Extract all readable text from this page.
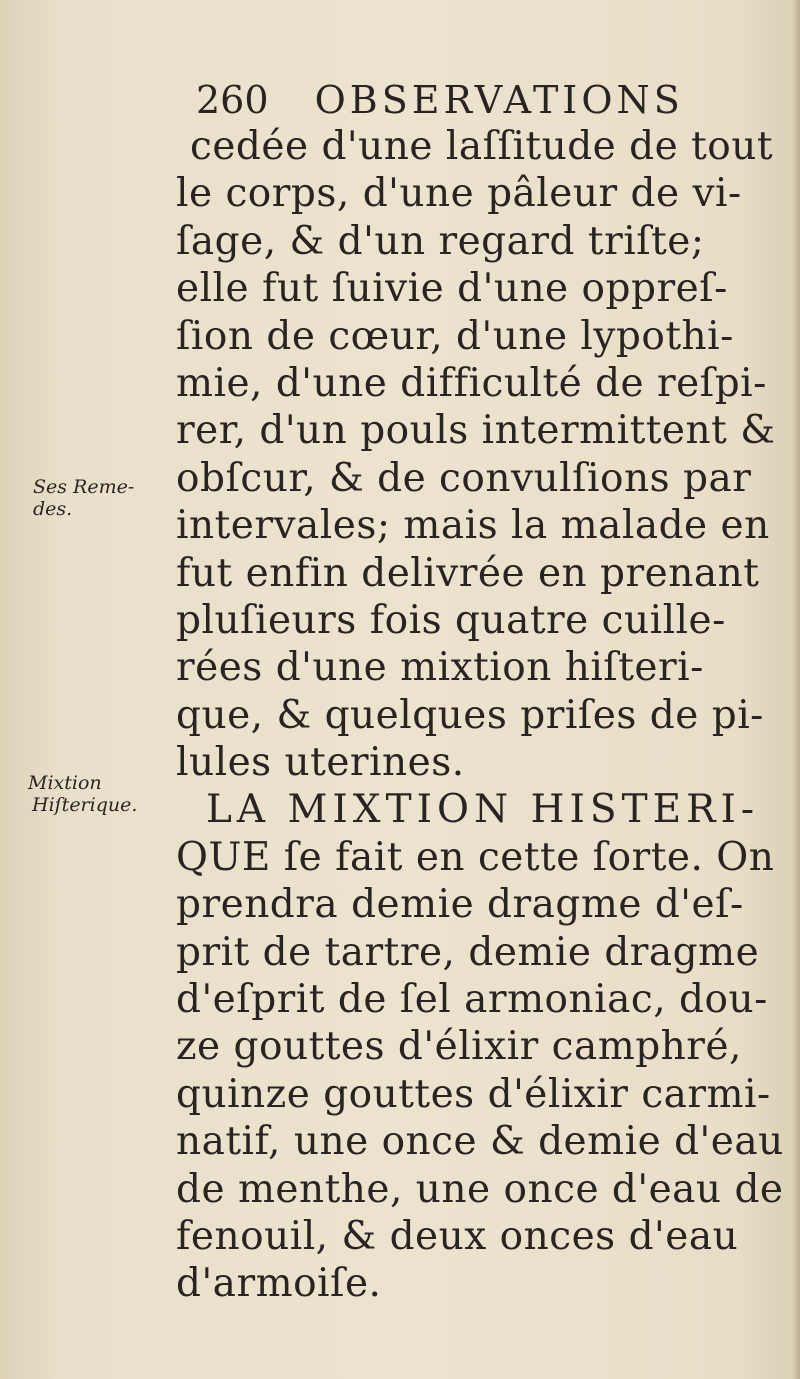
260 OBSERVATIONS
cedée d'une laſſitude de tout
le corps, d'une pâleur de vi-
ſage, & d'un regard triſte;
elle fut ſuivie d'une oppreſ-
ſion de cœur, d'une lypothi-
mie, d'une difficulté de reſpi-
rer, d'un pouls intermittent &
obſcur, & de convulſions par
intervales; mais la malade en
fut enfin delivrée en prenant
pluſieurs fois quatre cuille-
rées d'une mixtion hiſteri-
que, & quelques priſes de pi-
lules uterines.
LA MIXTION HISTERI-
QUE ſe fait en cette ſorte. On
prendra demie dragme d'eſ-
prit de tartre, demie dragme
d'eſprit de ſel armoniac, dou-
ze gouttes d'élixir camphré,
quinze gouttes d'élixir carmi-
natif, une once & demie d'eau
de menthe, une once d'eau de
fenouil, & deux onces d'eau
d'armoiſe.
Ses Reme-
des.
Mixtion
Hiſterique.
